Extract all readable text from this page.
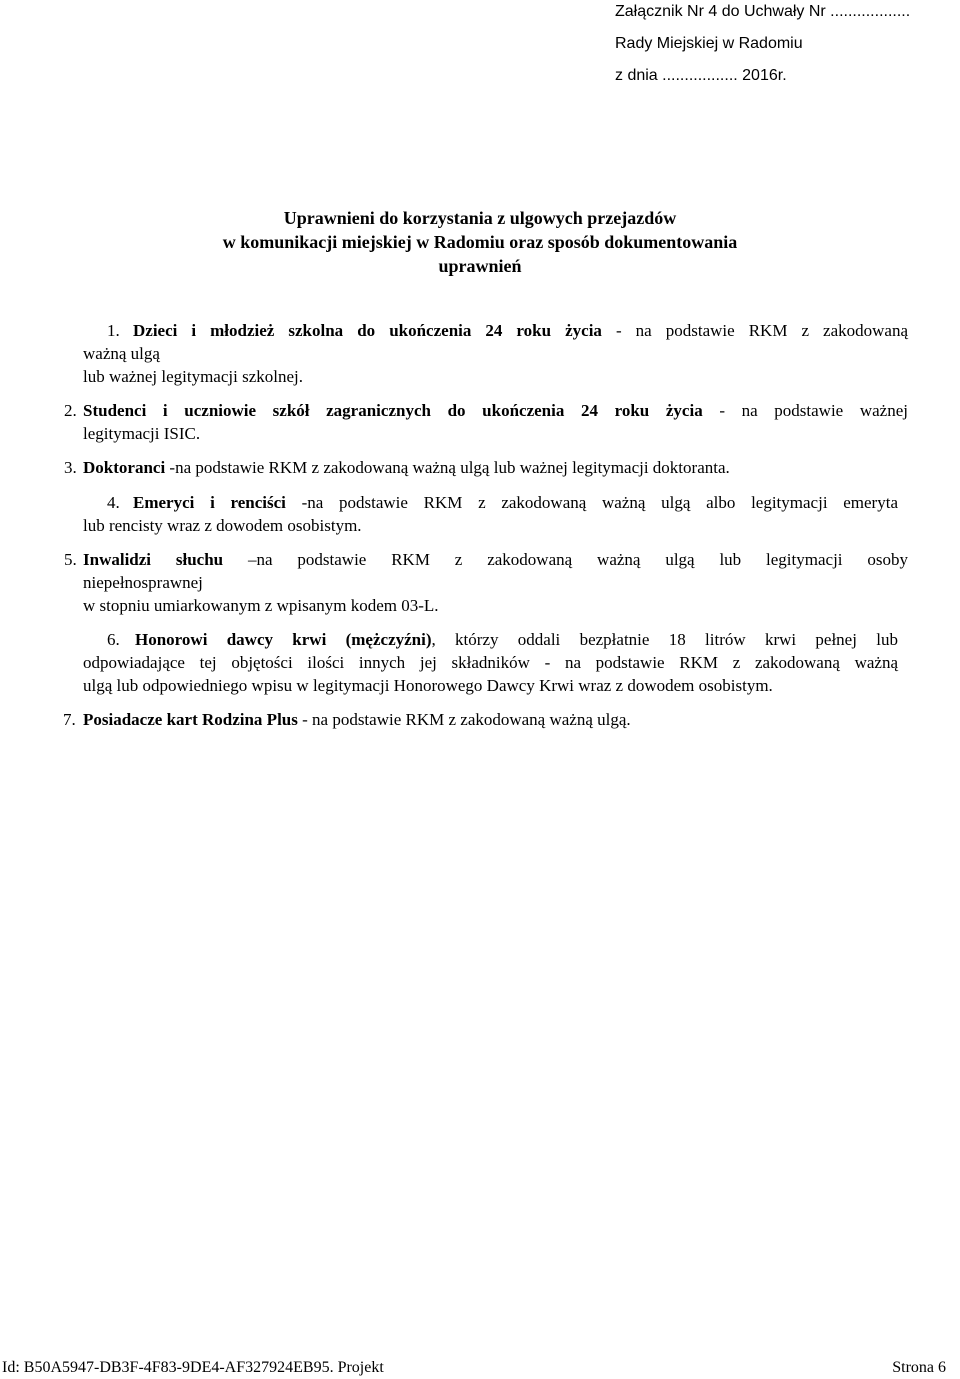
Załącznik Nr 4 do Uchwały Nr ..................
Rady Miejskiej w Radomiu
z dnia ................. 2016r.
Uprawnieni do korzystania z ulgowych przejazdów
w komunikacji miejskiej w Radomiu oraz sposób dokumentowania
uprawnień
1. Dzieci i młodzież szkolna do ukończenia 24 roku życia - na podstawie RKM z zakodowaną
ważną ulgą
lub ważnej legitymacji szkolnej.
2. Studenci i uczniowie szkół zagranicznych do ukończenia 24 roku życia - na podstawie ważnej
legitymacji ISIC.
3. Doktoranci -na podstawie RKM z zakodowaną ważną ulgą lub ważnej legitymacji doktoranta.
4. Emeryci i renciści -na podstawie RKM z zakodowaną ważną ulgą albo legitymacji emeryta
lub rencisty wraz z dowodem osobistym.
5. Inwalidzi słuchu –na podstawie RKM z zakodowaną ważną ulgą lub legitymacji osoby
niepełnosprawnej
w stopniu umiarkowanym z wpisanym kodem 03-L.
6. Honorowi dawcy krwi (mężczyźni), którzy oddali bezpłatnie 18 litrów krwi pełnej lub
odpowiadające tej objętości ilości innych jej składników - na podstawie RKM z zakodowaną ważną
ulgą lub odpowiedniego wpisu w legitymacji Honorowego Dawcy Krwi wraz z dowodem osobistym.
7. Posiadacze kart Rodzina Plus - na podstawie RKM z zakodowaną ważną ulgą.
Id: B50A5947-DB3F-4F83-9DE4-AF327924EB95. Projekt	Strona 6
